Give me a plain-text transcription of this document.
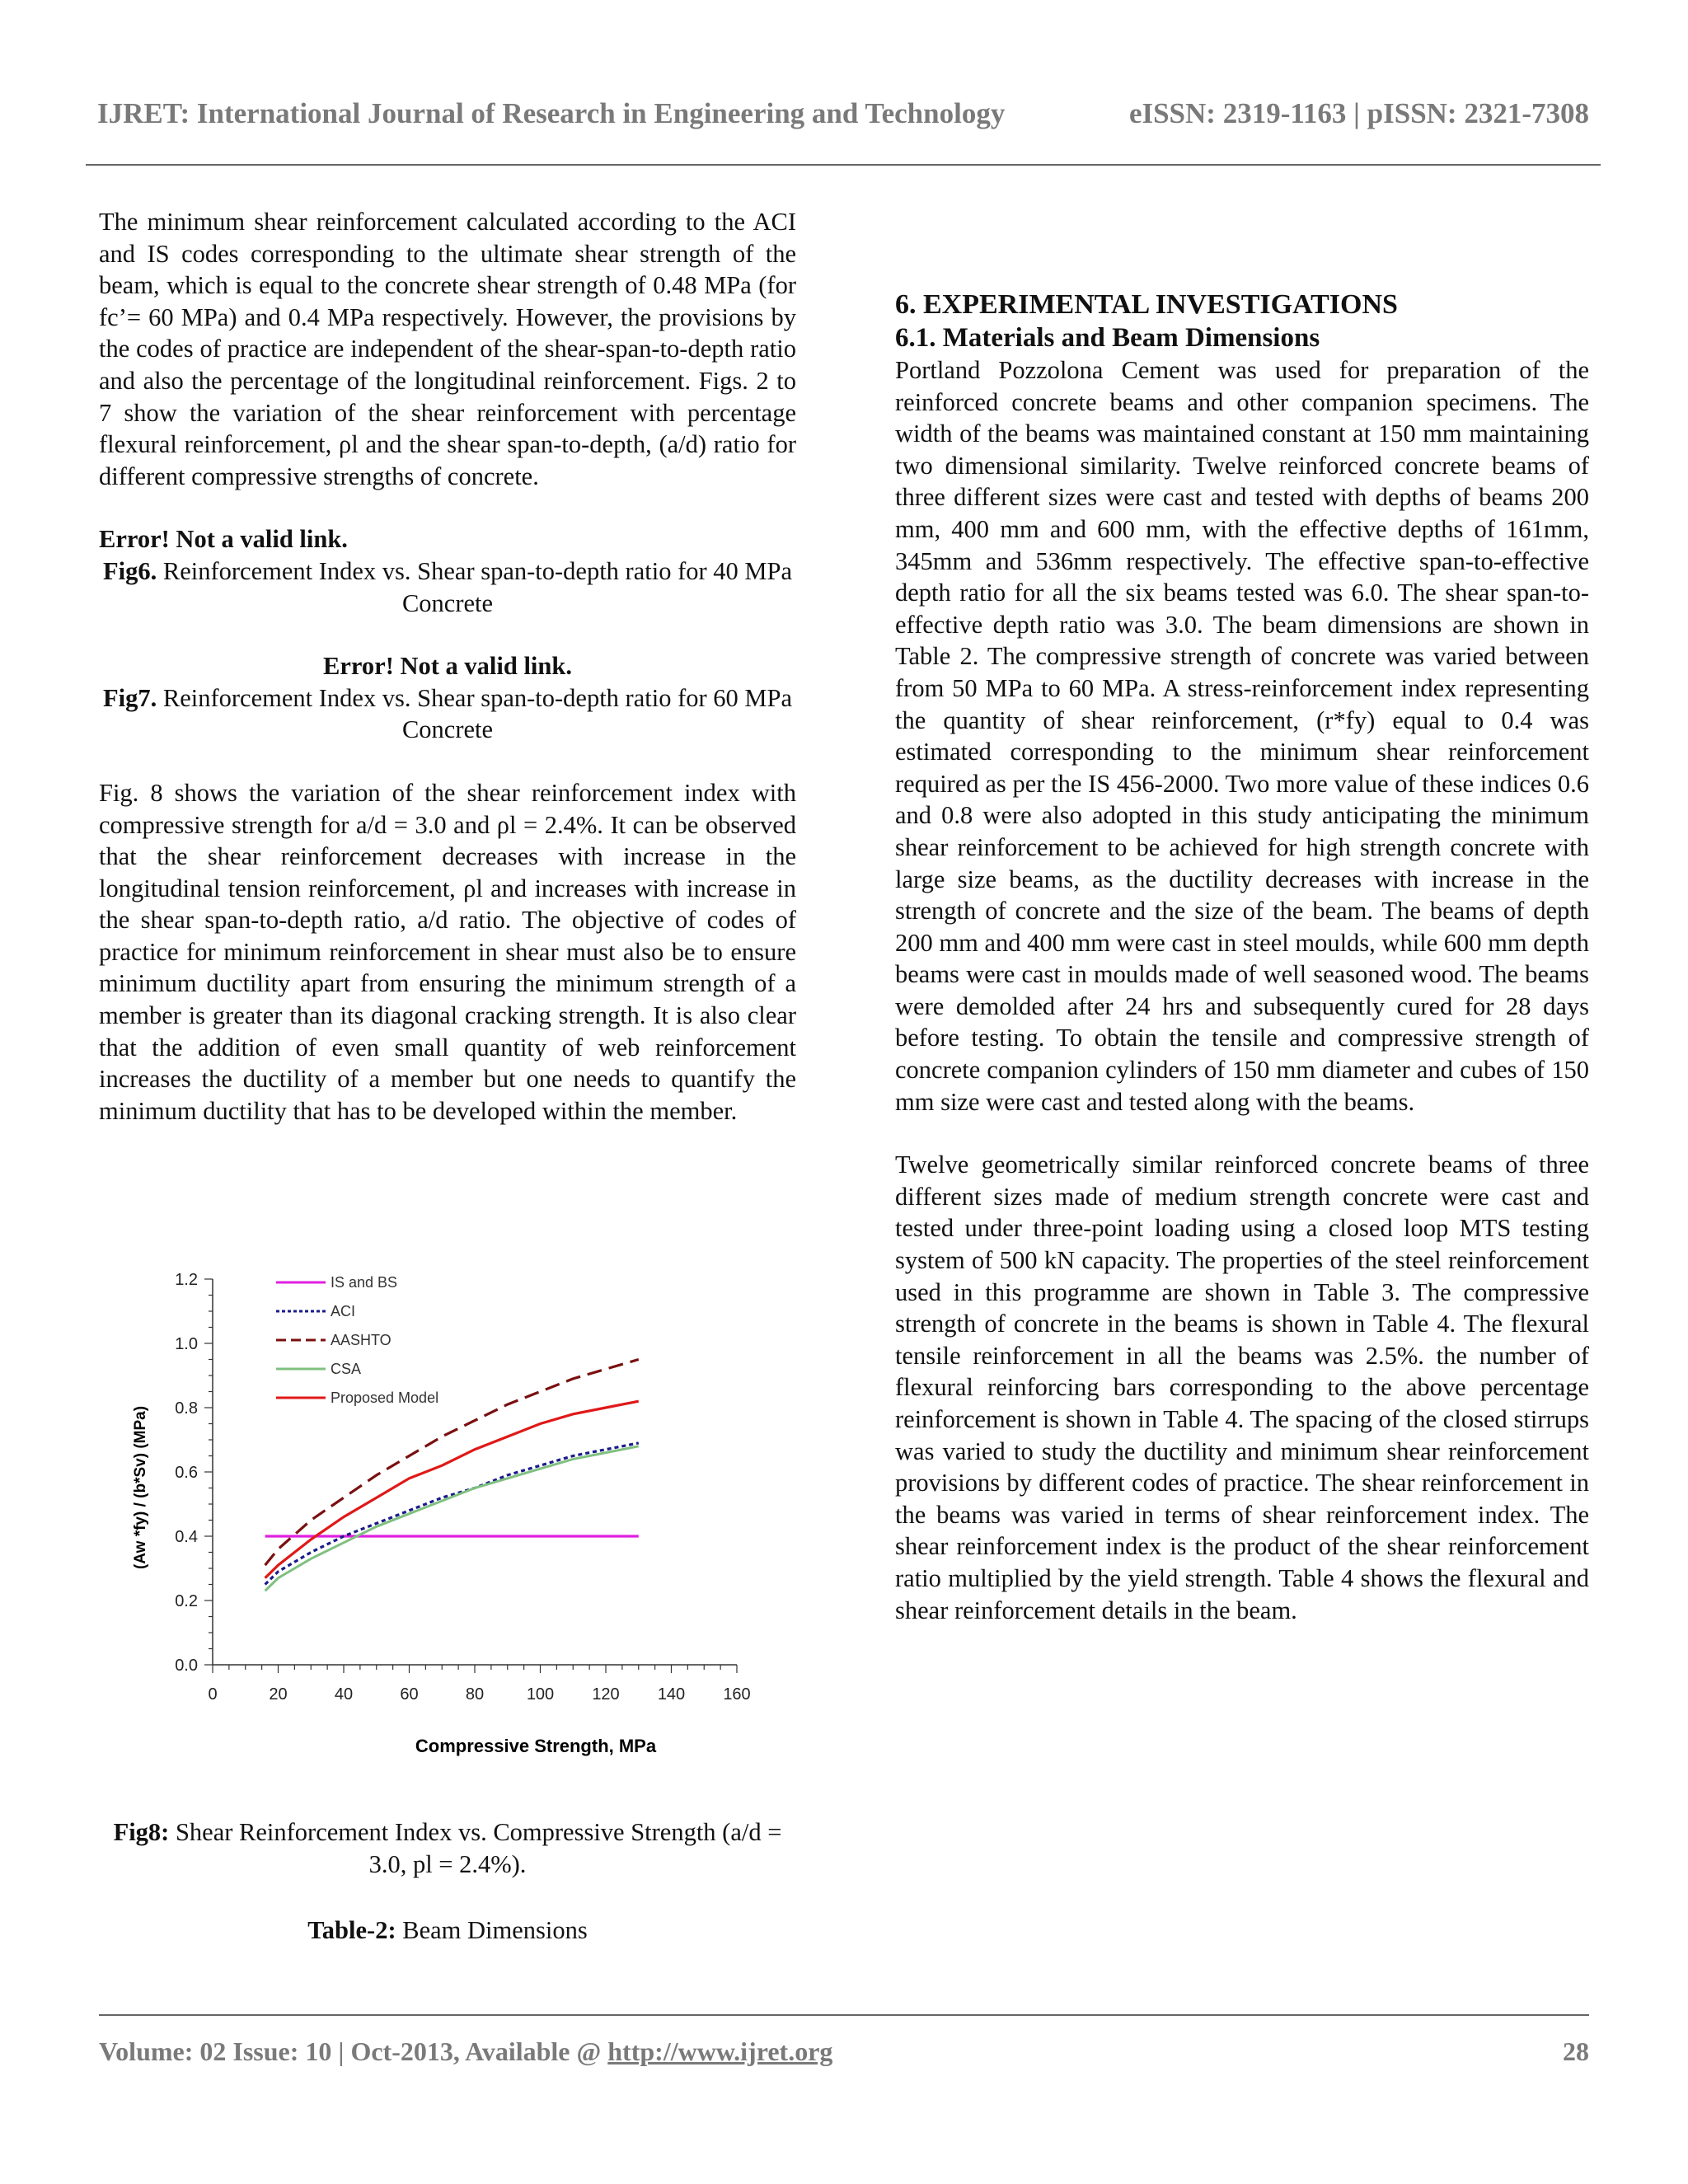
IJRET: International Journal of Research in Engineering and Technology	eISSN: 2319-1163 | pISSN: 2321-7308

The minimum shear reinforcement calculated according to the ACI and IS codes corresponding to the ultimate shear strength of the beam, which is equal to the concrete shear strength of 0.48 MPa (for fc’= 60 MPa) and 0.4 MPa respectively. However, the provisions by the codes of practice are independent of the shear-span-to-depth ratio and also the percentage of the longitudinal reinforcement. Figs. 2 to 7 show the variation of the shear reinforcement with percentage flexural reinforcement, ρl and the shear span-to-depth, (a/d) ratio for different compressive strengths of concrete.

Error! Not a valid link.

Fig6. Reinforcement Index vs. Shear span-to-depth ratio for 40 MPa Concrete

Error! Not a valid link.

Fig7. Reinforcement Index vs. Shear span-to-depth ratio for 60 MPa Concrete

Fig. 8 shows the variation of the shear reinforcement index with compressive strength for a/d = 3.0 and ρl = 2.4%. It can be observed that the shear reinforcement decreases with increase in the longitudinal tension reinforcement, ρl and increases with increase in the shear span-to-depth ratio, a/d ratio. The objective of codes of practice for minimum reinforcement in shear must also be to ensure minimum ductility apart from ensuring the minimum strength of a member is greater than its diagonal cracking strength. It is also clear that the addition of even small quantity of web reinforcement increases the ductility of a member but one needs to quantify the minimum ductility that has to be developed within the member.

0.0
0.2
0.4
0.6
0.8
1.0
1.2
0	20	40	60	80	100 120 140 160
IS and BS
ACI
AASHTO
CSA
Proposed Model
Compressive Strength, MPa
(Aw *fy) / (b*Sv) (MPa)

Fig8: Shear Reinforcement Index vs. Compressive Strength (a/d = 3.0, pl = 2.4%).

Table-2: Beam Dimensions

6. EXPERIMENTAL INVESTIGATIONS

6.1. Materials and Beam Dimensions

Portland Pozzolona Cement was used for preparation of the reinforced concrete beams and other companion specimens. The width of the beams was maintained constant at 150 mm maintaining two dimensional similarity. Twelve reinforced concrete beams of three different sizes were cast and tested with depths of beams 200 mm, 400 mm and 600 mm, with the effective depths of 161mm, 345mm and 536mm respectively. The effective span-to-effective depth ratio for all the six beams tested was 6.0. The shear span-to-effective depth ratio was 3.0. The beam dimensions are shown in Table 2. The compressive strength of concrete was varied between from 50 MPa to 60 MPa. A stress-reinforcement index representing the quantity of shear reinforcement, (r*fy) equal to 0.4 was estimated corresponding to the minimum shear reinforcement required as per the IS 456-2000. Two more value of these indices 0.6 and 0.8 were also adopted in this study anticipating the minimum shear reinforcement to be achieved for high strength concrete with large size beams, as the ductility decreases with increase in the strength of concrete and the size of the beam. The beams of depth 200 mm and 400 mm were cast in steel moulds, while 600 mm depth beams were cast in moulds made of well seasoned wood. The beams were demolded after 24 hrs and subsequently cured for 28 days before testing. To obtain the tensile and compressive strength of concrete companion cylinders of 150 mm diameter and cubes of 150 mm size were cast and tested along with the beams.

Twelve geometrically similar reinforced concrete beams of three different sizes made of medium strength concrete were cast and tested under three-point loading using a closed loop MTS testing system of 500 kN capacity. The properties of the steel reinforcement used in this programme are shown in Table 3. The compressive strength of concrete in the beams is shown in Table 4. The flexural tensile reinforcement in all the beams was 2.5%. the number of flexural reinforcing bars corresponding to the above percentage reinforcement is shown in Table 4. The spacing of the closed stirrups was varied to study the ductility and minimum shear reinforcement provisions by different codes of practice. The shear reinforcement in the beams was varied in terms of shear reinforcement index. The shear reinforcement index is the product of the shear reinforcement ratio multiplied by the yield strength. Table 4 shows the flexural and shear reinforcement details in the beam.

Volume: 02 Issue: 10 | Oct-2013, Available @ http://www.ijret.org	28
